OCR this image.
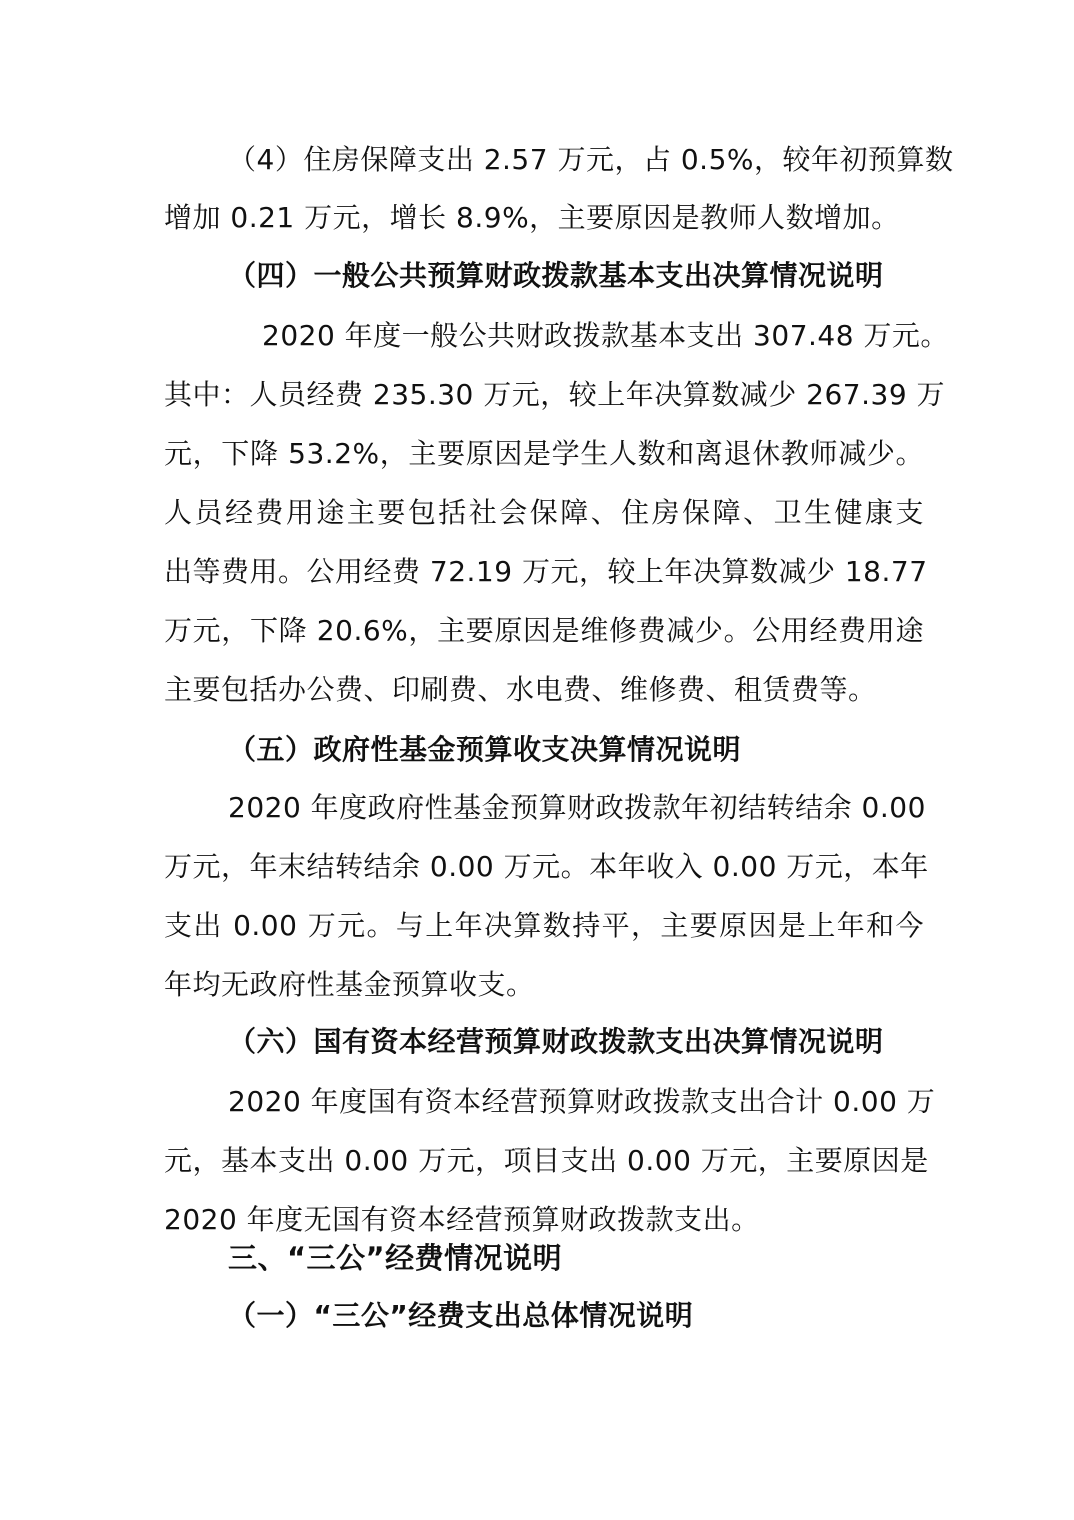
（4）住房保障支出 2.57 万元，占 0.5%，较年初预算数
增加 0.21 万元，增长 8.9%，主要原因是教师人数增加。
（四）一般公共预算财政拨款基本支出决算情况说明
2020 年度一般公共财政拨款基本支出 307.48 万元。
其中：人员经费 235.30 万元，较上年决算数减少 267.39 万
元，下降 53.2%，主要原因是学生人数和离退休教师减少。
人员经费用途主要包括社会保障、住房保障、卫生健康支
出等费用。公用经费 72.19 万元，较上年决算数减少 18.77
万元，下降 20.6%，主要原因是维修费减少。公用经费用途
主要包括办公费、印刷费、水电费、维修费、租赁费等。
（五）政府性基金预算收支决算情况说明
2020 年度政府性基金预算财政拨款年初结转结余 0.00
万元，年末结转结余 0.00 万元。本年收入 0.00 万元，本年
支出 0.00 万元。与上年决算数持平，主要原因是上年和今
年均无政府性基金预算收支。
（六）国有资本经营预算财政拨款支出决算情况说明
2020 年度国有资本经营预算财政拨款支出合计 0.00 万
元，基本支出 0.00 万元，项目支出 0.00 万元，主要原因是
2020 年度无国有资本经营预算财政拨款支出。
三、“三公”经费情况说明
（一）“三公”经费支出总体情况说明
